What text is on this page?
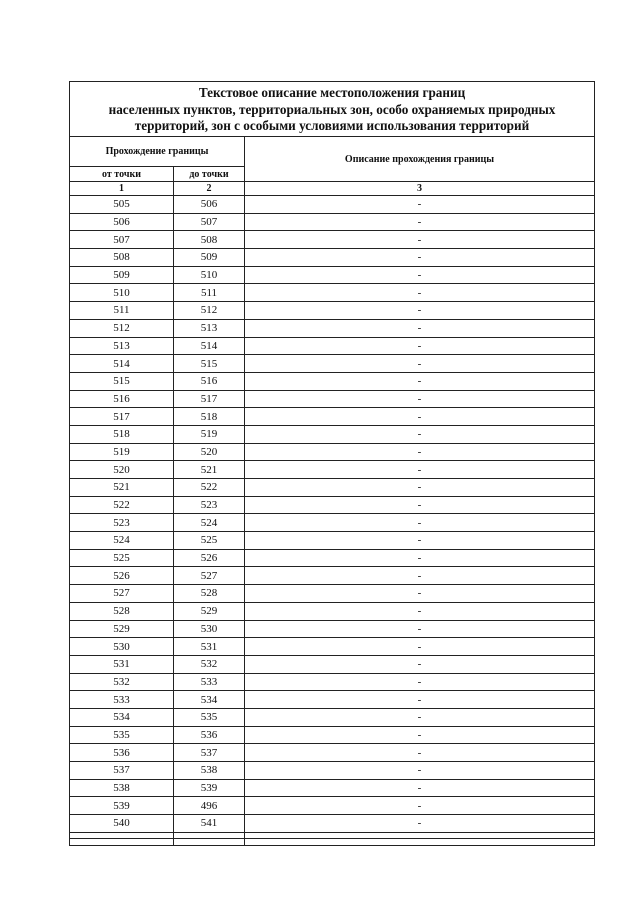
Текстовое описание местоположения границ
населенных пунктов, территориальных зон, особо охраняемых природных
территорий, зон с особыми условиями использования территорий
Прохождение границы		Описание прохождения границы
от точки	до точки	
1	2	3
505	506	-
506	507	-
507	508	-
508	509	-
509	510	-
510	511	-
511	512	-
512	513	-
513	514	-
514	515	-
515	516	-
516	517	-
517	518	-
518	519	-
519	520	-
520	521	-
521	522	-
522	523	-
523	524	-
524	525	-
525	526	-
526	527	-
527	528	-
528	529	-
529	530	-
530	531	-
531	532	-
532	533	-
533	534	-
534	535	-
535	536	-
536	537	-
537	538	-
538	539	-
539	496	-
540	541	-
